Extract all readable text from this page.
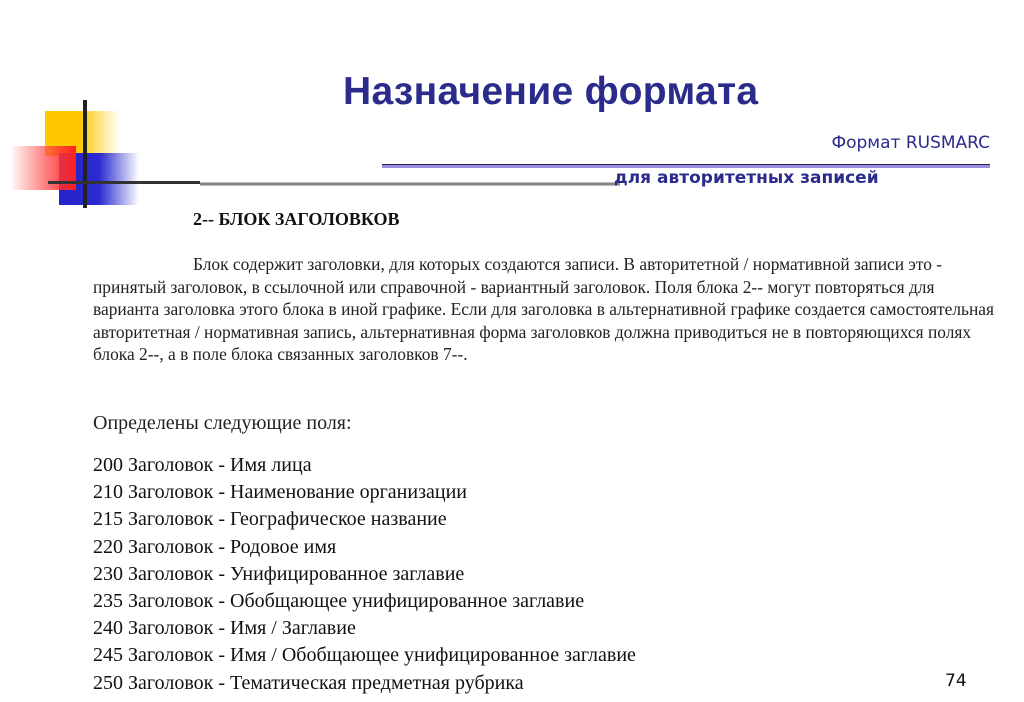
Назначение формата
Формат RUSMARC
для авторитетных записей
2-- БЛОК ЗАГОЛОВКОВ
Блок содержит заголовки, для которых создаются записи. В авторитетной / нормативной записи это - принятый заголовок, в ссылочной или справочной - вариантный заголовок. Поля блока 2-- могут повторяться для варианта заголовка этого блока в иной графике. Если для заголовка в альтернативной графике создается самостоятельная авторитетная / нормативная запись, альтернативная форма заголовков должна приводиться не в повторяющихся полях блока 2--, а в поле блока связанных заголовков 7--.
Определены следующие поля:
200 Заголовок - Имя лица
210 Заголовок - Наименование организации
215 Заголовок - Географическое название
220 Заголовок - Родовое имя
230 Заголовок - Унифицированное заглавие
235 Заголовок - Обобщающее унифицированное заглавие
240 Заголовок - Имя / Заглавие
245 Заголовок - Имя / Обобщающее унифицированное заглавие
250 Заголовок - Тематическая предметная рубрика	74
